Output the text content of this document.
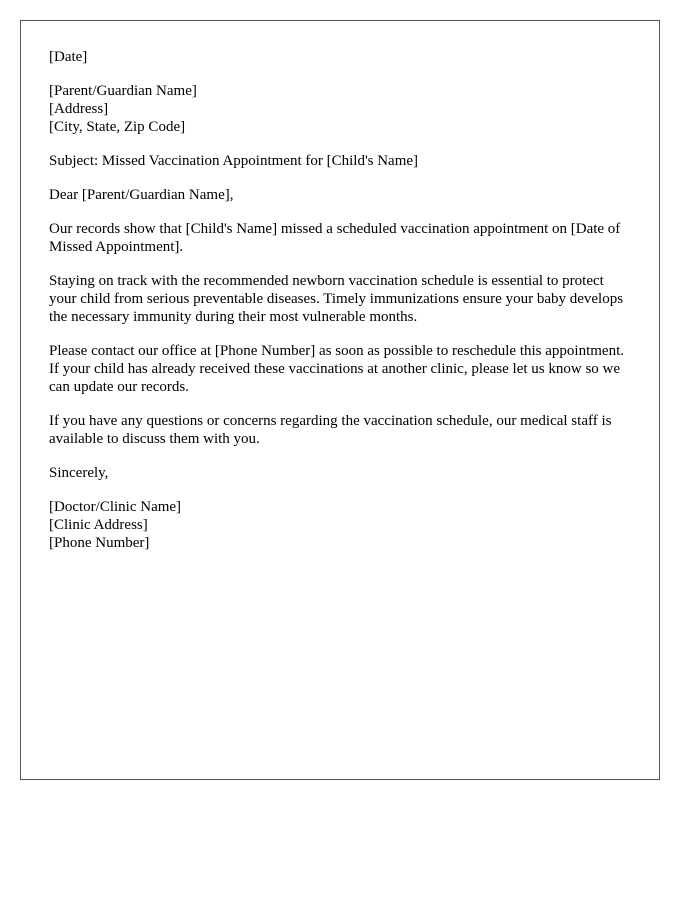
[Date]
[Parent/Guardian Name]
[Address]
[City, State, Zip Code]
Subject: Missed Vaccination Appointment for [Child's Name]
Dear [Parent/Guardian Name],

Our records show that [Child's Name] missed a scheduled vaccination appointment on [Date of Missed Appointment].

Staying on track with the recommended newborn vaccination schedule is essential to protect your child from serious preventable diseases. Timely immunizations ensure your baby develops the necessary immunity during their most vulnerable months.

Please contact our office at [Phone Number] as soon as possible to reschedule this appointment. If your child has already received these vaccinations at another clinic, please let us know so we can update our records.

If you have any questions or concerns regarding the vaccination schedule, our medical staff is available to discuss them with you.

Sincerely,
[Doctor/Clinic Name]
[Clinic Address]
[Phone Number]
